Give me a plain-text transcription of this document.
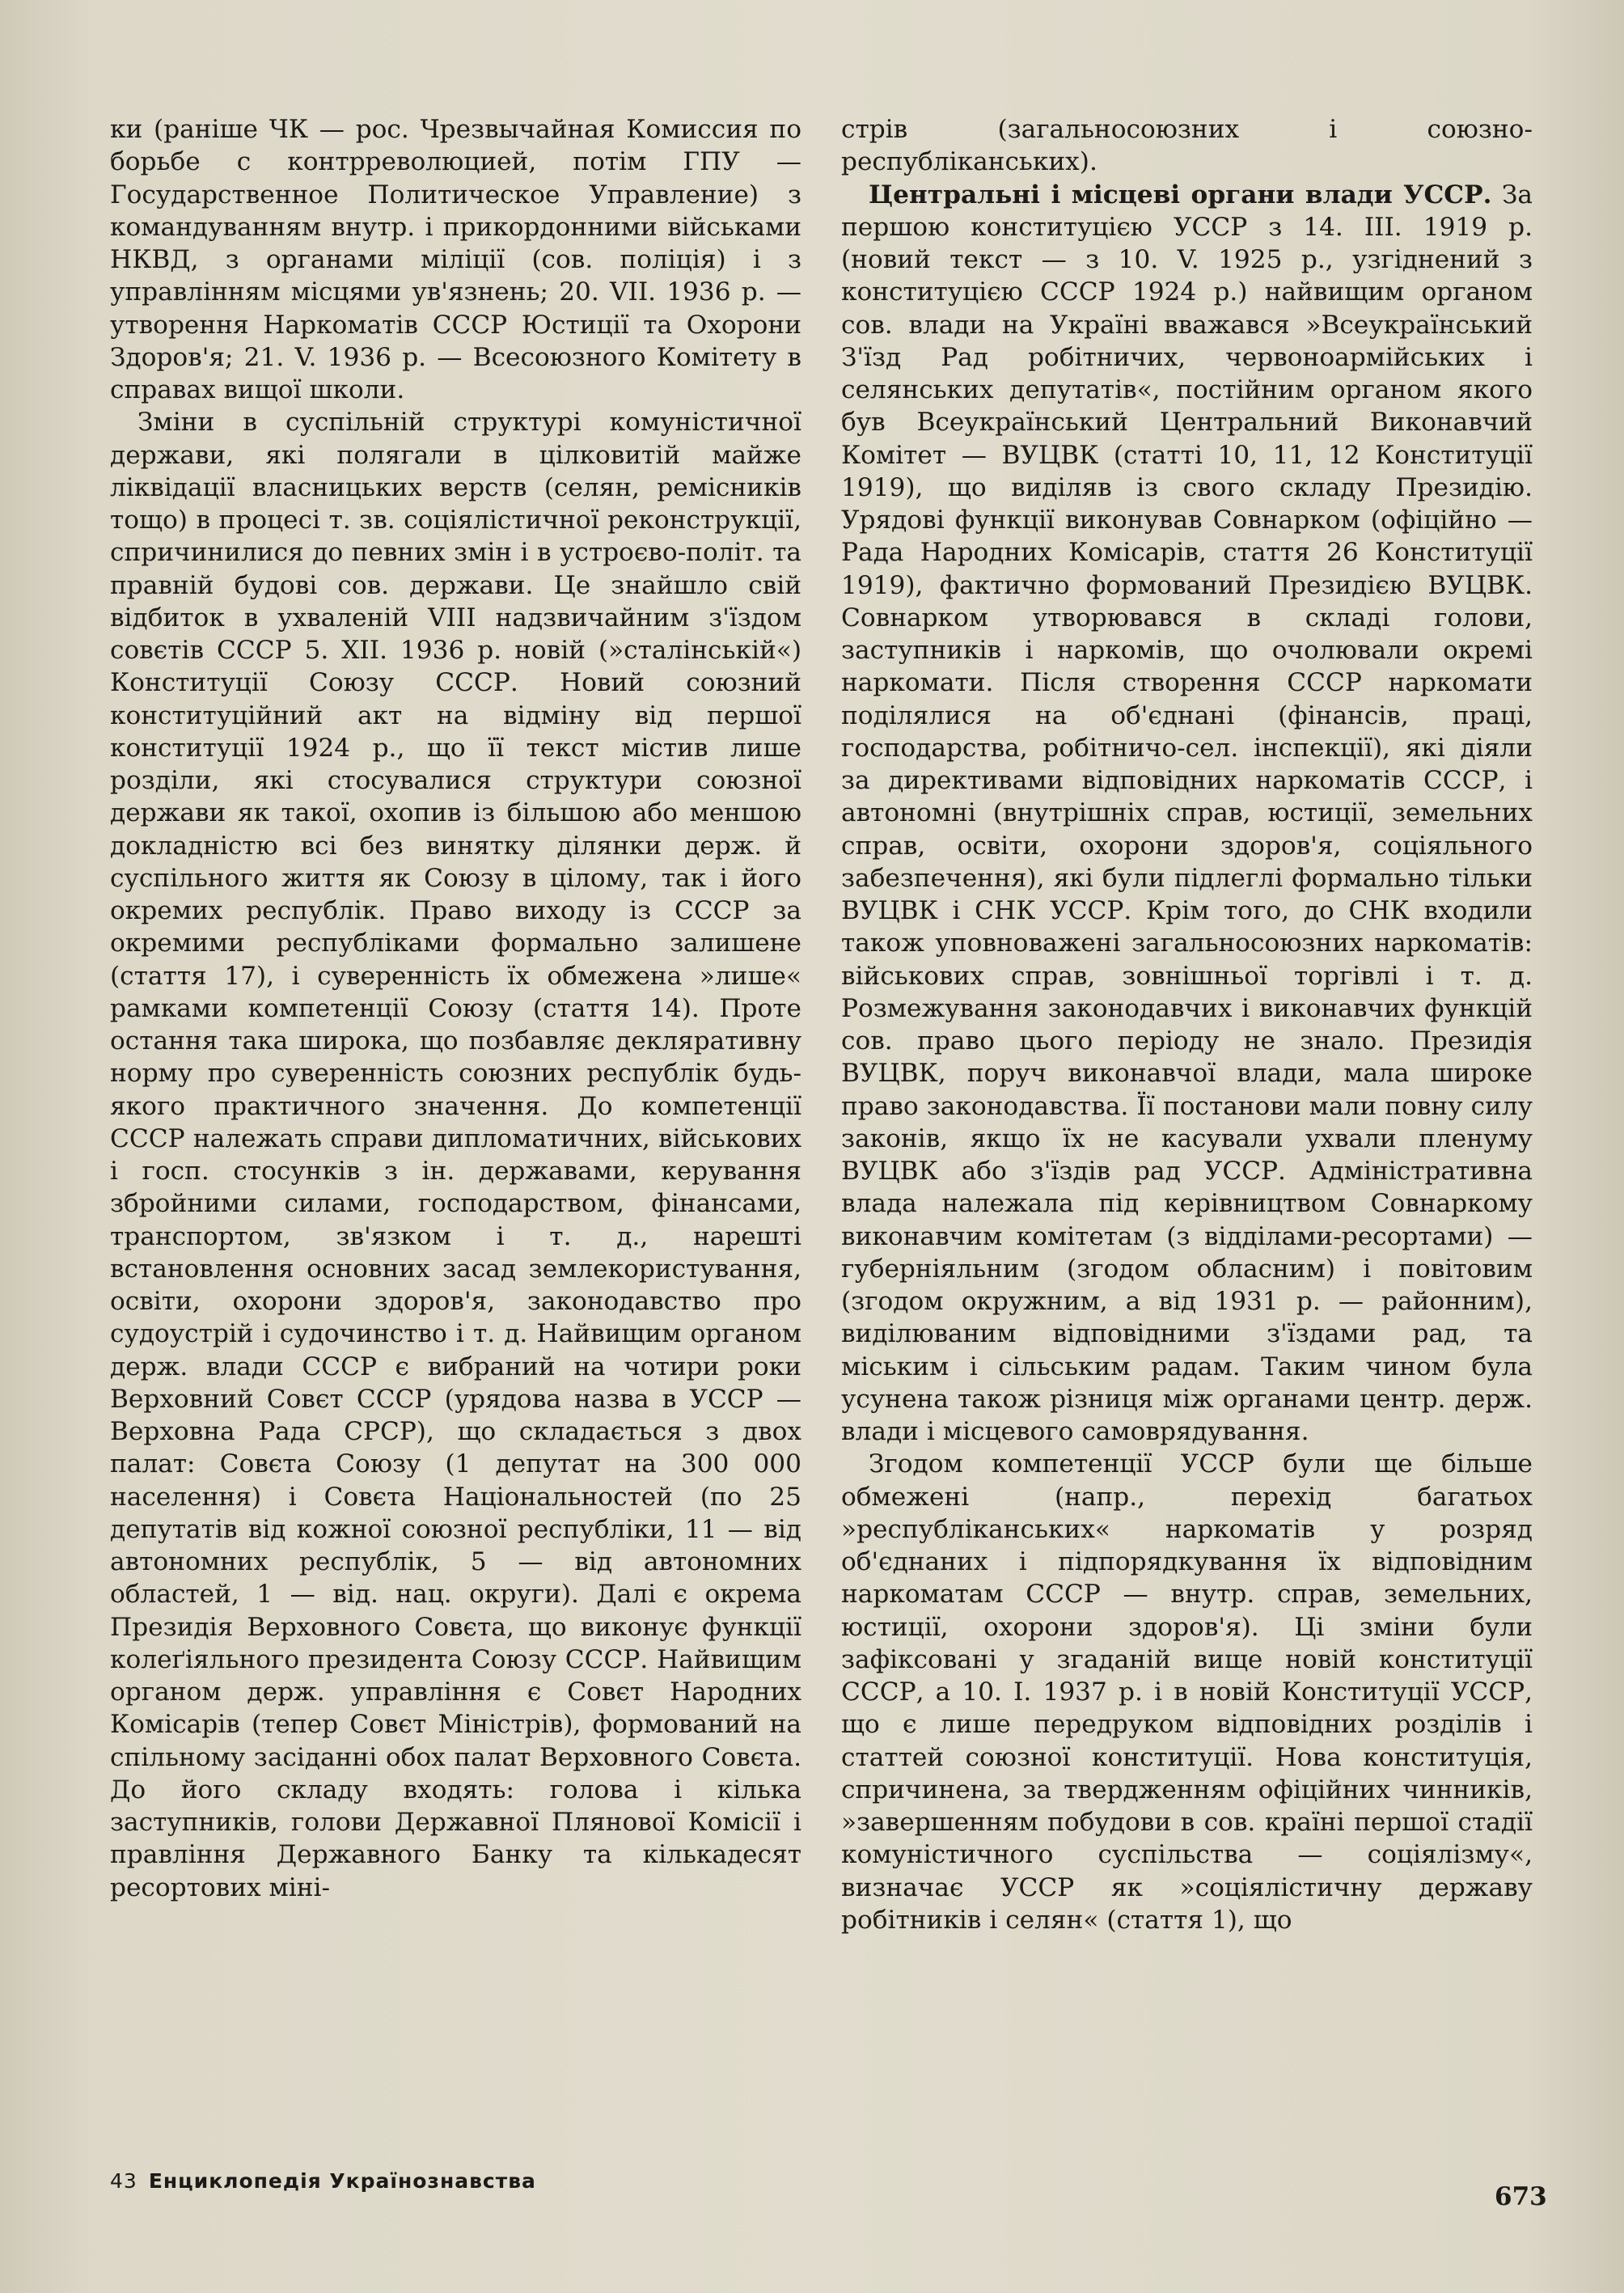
ки (раніше ЧК — рос. Чрезвычайная Комиссия по борьбе с контрреволюцией, потім ГПУ — Государственное Политическое Управление) з командуванням внутр. і прикордонними військами НКВД, з органами міліції (сов. поліція) і з управлінням місцями ув'язнень; 20. VII. 1936 р. — утворення Наркоматів СССР Юстиції та Охорони Здоров'я; 21. V. 1936 р. — Всесоюзного Комітету в справах вищої школи.

Зміни в суспільній структурі комуністичної держави, які полягали в цілковитій майже ліквідації власницьких верств (селян, ремісників тощо) в процесі т. зв. соціялістичної реконструкції, спричинилися до певних змін і в устроєво-політ. та правній будові сов. держави. Це знайшло свій відбиток в ухваленій VIII надзвичайним з'їздом совєтів СССР 5. XII. 1936 р. новій (»сталінській«) Конституції Союзу СССР. Новий союзний конституційний акт на відміну від першої конституції 1924 р., що її текст містив лише розділи, які стосувалися структури союзної держави як такої, охопив із більшою або меншою докладністю всі без винятку ділянки держ. й суспільного життя як Союзу в цілому, так і його окремих республік. Право виходу із СССР за окремими республіками формально залишене (стаття 17), і суверенність їх обмежена »лише« рамками компетенції Союзу (стаття 14). Проте остання така широка, що позбавляє декляративну норму про суверенність союзних республік будь-якого практичного значення. До компетенції СССР належать справи дипломатичних, військових і госп. стосунків з ін. державами, керування збройними силами, господарством, фінансами, транспортом, зв'язком і т. д., нарешті встановлення основних засад землекористування, освіти, охорони здоров'я, законодавство про судоустрій і судочинство і т. д. Найвищим органом держ. влади СССР є вибраний на чотири роки Верховний Совєт СССР (урядова назва в УССР — Верховна Рада СРСР), що складається з двох палат: Совєта Союзу (1 депутат на 300 000 населення) і Совєта Національностей (по 25 депутатів від кожної союзної республіки, 11 — від автономних республік, 5 — від автономних областей, 1 — від. нац. округи). Далі є окрема Президія Верховного Совєта, що виконує функції колеґіяльного президента Союзу СССР. Найвищим органом держ. управління є Совєт Народних Комісарів (тепер Совєт Міністрів), формований на спільному засіданні обох палат Верховного Совєта. До його складу входять: голова і кілька заступників, голови Державної Плянової Комісії і правління Державного Банку та кількадесят ресортових міні-

стрів (загальносоюзних і союзно-республіканських).

Центральні і місцеві органи влади УССР. За першою конституцією УССР з 14. III. 1919 р. (новий текст — з 10. V. 1925 р., узгіднений з конституцією СССР 1924 р.) найвищим органом сов. влади на Україні вважався »Всеукраїнський З'їзд Рад робітничих, червоноармійських і селянських депутатів«, постійним органом якого був Всеукраїнський Центральний Виконавчий Комітет — ВУЦВК (статті 10, 11, 12 Конституції 1919), що виділяв із свого складу Президію. Урядові функції виконував Совнарком (офіційно — Рада Народних Комісарів, стаття 26 Конституції 1919), фактично формований Президією ВУЦВК. Совнарком утворювався в складі голови, заступників і наркомів, що очолювали окремі наркомати. Після створення СССР наркомати поділялися на об'єднані (фінансів, праці, господарства, робітничо-сел. інспекції), які діяли за директивами відповідних наркоматів СССР, і автономні (внутрішніх справ, юстиції, земельних справ, освіти, охорони здоров'я, соціяльного забезпечення), які були підлеглі формально тільки ВУЦВК і СНК УССР. Крім того, до СНК входили також уповноважені загальносоюзних наркоматів: військових справ, зовнішньої торгівлі і т. д. Розмежування законодавчих і виконавчих функцій сов. право цього періоду не знало. Президія ВУЦВК, поруч виконавчої влади, мала широке право законодавства. Її постанови мали повну силу законів, якщо їх не касували ухвали пленуму ВУЦВК або з'їздів рад УССР. Адміністративна влада належала під керівництвом Совнаркому виконавчим комітетам (з відділами-ресортами) — губерніяльним (згодом обласним) і повітовим (згодом окружним, а від 1931 р. — районним), виділюваним відповідними з'їздами рад, та міським і сільським радам. Таким чином була усунена також різниця між органами центр. держ. влади і місцевого самоврядування.

Згодом компетенції УССР були ще більше обмежені (напр., перехід багатьох »республіканських« наркоматів у розряд об'єднаних і підпорядкування їх відповідним наркоматам СССР — внутр. справ, земельних, юстиції, охорони здоров'я). Ці зміни були зафіксовані у згаданій вище новій конституції СССР, а 10. I. 1937 р. і в новій Конституції УССР, що є лише передруком відповідних розділів і статтей союзної конституції. Нова конституція, спричинена, за твердженням офіційних чинників, »завершенням побудови в сов. країні першої стадії комуністичного суспільства — соціялізму«, визначає УССР як »соціялістичну державу робітників і селян« (стаття 1), що

43 Енциклопедія Українознавства
673
